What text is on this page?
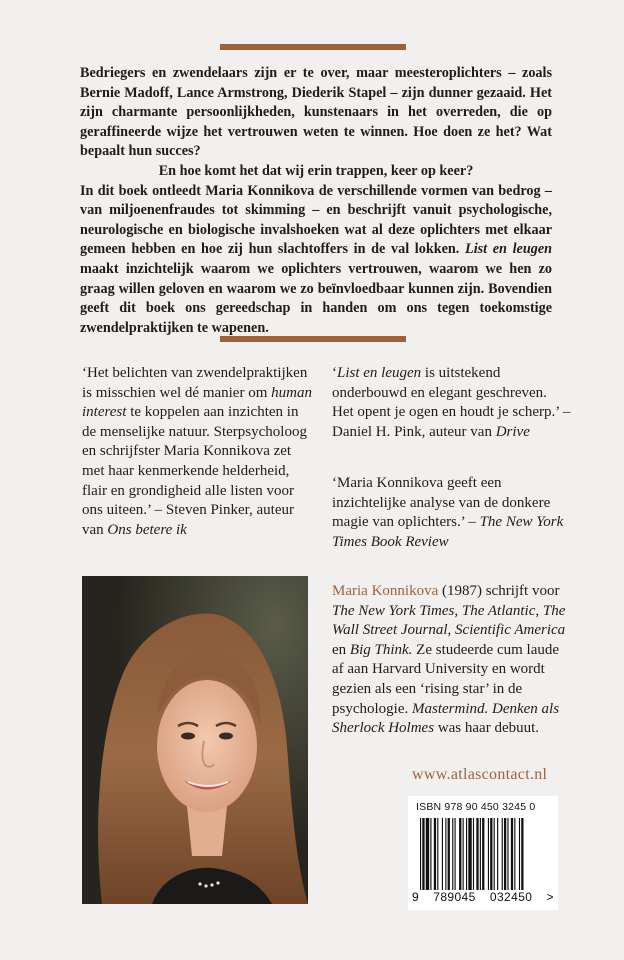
Bedriegers en zwendelaars zijn er te over, maar meesteroplichters – zoals Bernie Madoff, Lance Armstrong, Diederik Stapel – zijn dunner gezaaid. Het zijn charmante persoonlijkheden, kunstenaars in het overreden, die op geraffineerde wijze het vertrouwen weten te winnen. Hoe doen ze het? Wat bepaalt hun succes?

En hoe komt het dat wij erin trappen, keer op keer?

In dit boek ontleedt Maria Konnikova de verschillende vormen van bedrog – van miljoenenfraudes tot skimming – en beschrijft vanuit psychologische, neurologische en biologische invalshoeken wat al deze oplichters met elkaar gemeen hebben en hoe zij hun slachtoffers in de val lokken. List en leugen maakt inzichtelijk waarom we oplichters vertrouwen, waarom we hen zo graag willen geloven en waarom we zo beïnvloedbaar kunnen zijn. Bovendien geeft dit boek ons gereedschap in handen om ons tegen toekomstige zwendelpraktijken te wapenen.

‘Het belichten van zwendelpraktijken is misschien wel dé manier om human interest te koppelen aan inzichten in de menselijke natuur. Sterpsycholoog en schrijfster Maria Konnikova zet met haar kenmerkende helderheid, flair en grondigheid alle listen voor ons uiteen.’ – Steven Pinker, auteur van Ons betere ik
‘List en leugen is uitstekend onderbouwd en elegant geschreven. Het opent je ogen en houdt je scherp.’ – Daniel H. Pink, auteur van Drive
‘Maria Konnikova geeft een inzichtelijke analyse van de donkere magie van oplichters.’ – The New York Times Book Review
Maria Konnikova (1987) schrijft voor The New York Times, The Atlantic, The Wall Street Journal, Scientific America en Big Think. Ze studeerde cum laude af aan Harvard University en wordt gezien als een ‘rising star’ in de psychologie. Mastermind. Denken als Sherlock Holmes was haar debuut.
www.atlascontact.nl
ISBN 978 90 450 3245 0
9 789045 032450 >
